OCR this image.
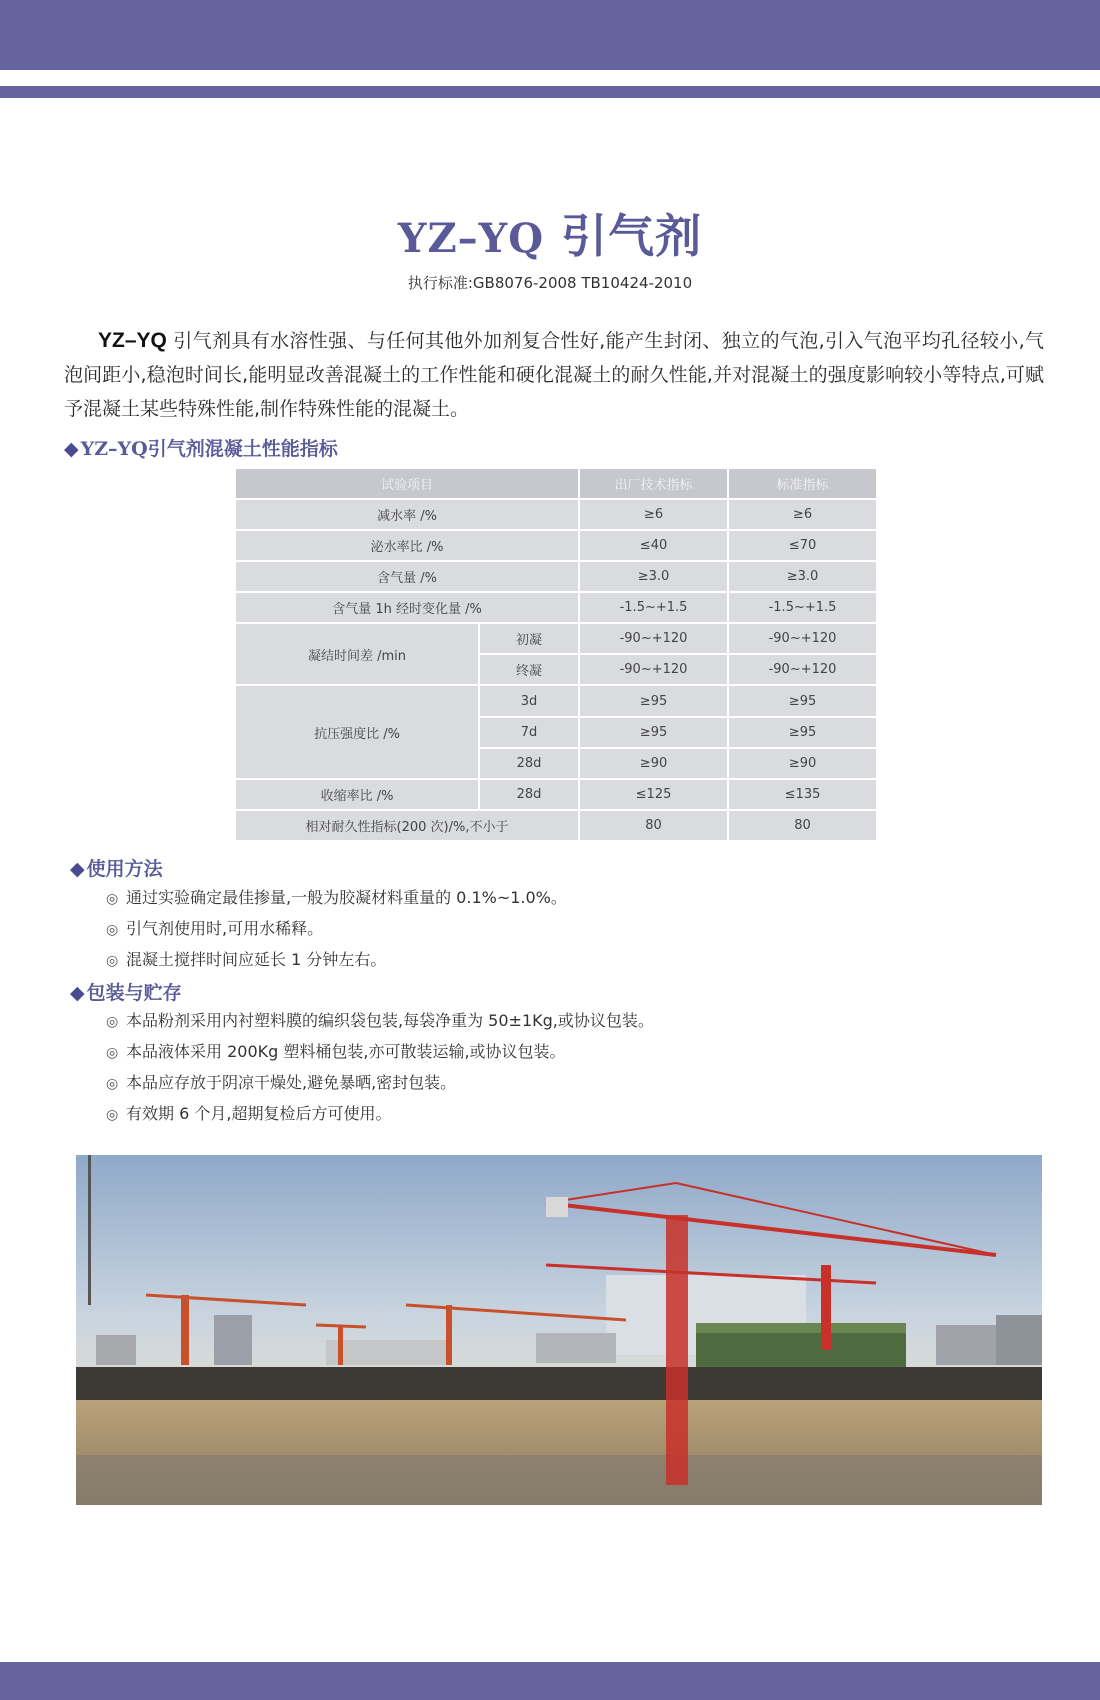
YZ–YQ 引气剂
执行标准:GB8076-2008 TB10424-2010

YZ–YQ 引气剂具有水溶性强、与任何其他外加剂复合性好,能产生封闭、独立的气泡,引入气泡平均孔径较小,气泡间距小,稳泡时间长,能明显改善混凝土的工作性能和硬化混凝土的耐久性能,并对混凝土的强度影响较小等特点,可赋予混凝土某些特殊性能,制作特殊性能的混凝土。

◆ YZ–YQ引气剂混凝土性能指标
试验项目		出厂技术指标	标准指标
减水率 /%		≥6	≥6
泌水率比 /%		≤40	≤70
含气量 /%		≥3.0	≥3.0
含气量 1h 经时变化量 /%		-1.5~+1.5	-1.5~+1.5
凝结时间差 /min	初凝	-90~+120	-90~+120
	终凝	-90~+120	-90~+120
抗压强度比 /%	3d	≥95	≥95
	7d	≥95	≥95
	28d	≥90	≥90
收缩率比 /%	28d	≤125	≤135
相对耐久性指标(200 次)/%,不小于		80	80
◆ 使用方法
◎ 通过实验确定最佳掺量,一般为胶凝材料重量的 0.1%~1.0%。
◎ 引气剂使用时,可用水稀释。
◎ 混凝土搅拌时间应延长 1 分钟左右。
◆ 包装与贮存
◎ 本品粉剂采用内衬塑料膜的编织袋包装,每袋净重为 50±1Kg,或协议包装。
◎ 本品液体采用 200Kg 塑料桶包装,亦可散装运输,或协议包装。
◎ 本品应存放于阴凉干燥处,避免暴晒,密封包装。
◎ 有效期 6 个月,超期复检后方可使用。
